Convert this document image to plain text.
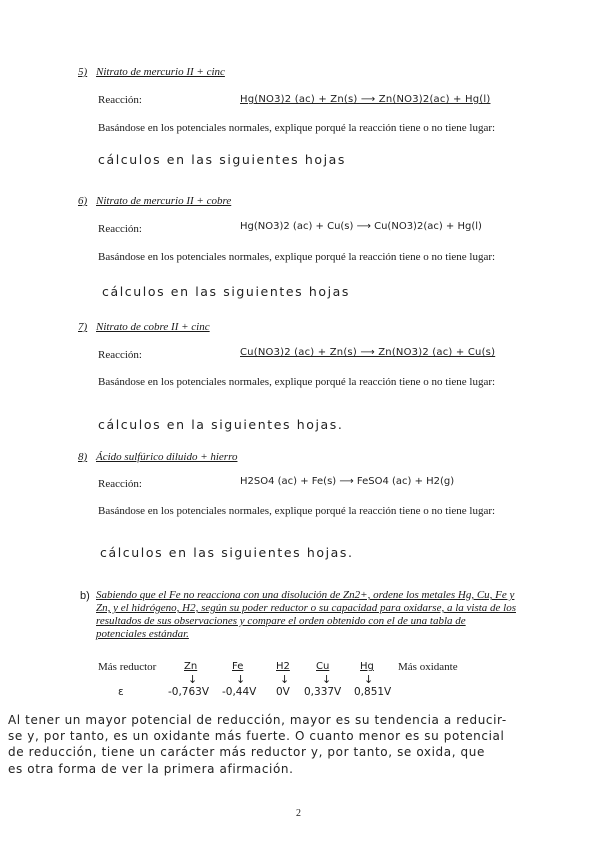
5) Nitrato de mercurio II + cinc
Reacción:	Hg(NO3)2 (ac) + Zn(s) ⟶ Zn(NO3)2(ac) + Hg(l)
Basándose en los potenciales normales, explique porqué la reacción tiene o no tiene lugar:
cálculos en las siguientes hojas
6) Nitrato de mercurio II + cobre
Reacción:	Hg(NO3)2 (ac) + Cu(s) ⟶ Cu(NO3)2(ac) + Hg(l)
Basándose en los potenciales normales, explique porqué la reacción tiene o no tiene lugar:
cálculos en las siguientes hojas
7) Nitrato de cobre II + cinc
Reacción:	Cu(NO3)2 (ac) + Zn(s) ⟶ Zn(NO3)2 (ac) + Cu(s)
Basándose en los potenciales normales, explique porqué la reacción tiene o no tiene lugar:
cálculos en la siguientes hojas.
8) Ácido sulfúrico diluido + hierro
Reacción:	H2SO4 (ac) + Fe(s) ⟶ FeSO4 (ac) + H2(g)
Basándose en los potenciales normales, explique porqué la reacción tiene o no tiene lugar:
cálculos en las siguientes hojas.
b) Sabiendo que el Fe no reacciona con una disolución de Zn2+, ordene los metales Hg, Cu, Fe y Zn, y el hidrógeno, H2, según su poder reductor o su capacidad para oxidarse, a la vista de los resultados de sus observaciones y compare el orden obtenido con el de una tabla de potenciales estándar.
Más reductor	Zn	Fe	H2	Cu	Hg Más oxidante
↓	↓	↓	↓	↓
ε	-0,763V -0,44V 0V 0,337V 0,851V
Al tener un mayor potencial de reducción, mayor es su tendencia a reducir-
se y, por tanto, es un oxidante más fuerte. O cuanto menor es su potencial
de reducción, tiene un carácter más reductor y, por tanto, se oxida, que
es otra forma de ver la primera afirmación.
2
